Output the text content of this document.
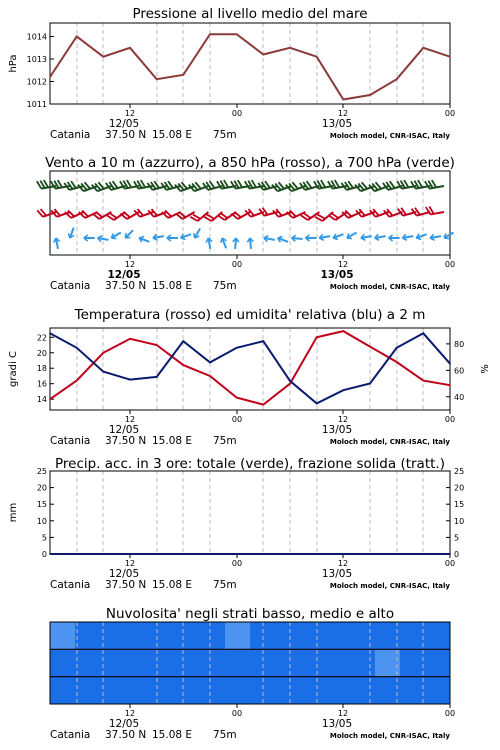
Pressione al livello medio del mare
12	00	12	00
12/05	13/05
Catania 37.50 N 15.08 E 75m	Moloch model, CNR-ISAC, Italy
1011
1012
1013
1014
hPa
Vento a 10 m (azzurro), a 850 hPa (rosso), a 700 hPa (verde)
12	00	12	00
12/05	13/05
Catania 37.50 N 15.08 E 75m	Moloch model, CNR-ISAC, Italy
Temperatura (rosso) ed umidita' relativa (blu) a 2 m
12	00	12	00
12/05	13/05
Catania 37.50 N 15.08 E 75m	Moloch model, CNR-ISAC, Italy
14
16
18
20
22
40
60
80
gradi C	%
Precip. acc. in 3 ore: totale (verde), frazione solida (tratt.)
12	00	12	00
12/05	13/05
Catania 37.50 N 15.08 E 75m	Moloch model, CNR-ISAC, Italy
0
5
10
15
20
25
0
5
10
15
20
25
mm
Nuvolosita' negli strati basso, medio e alto
12	00	12	00
12/05	13/05
Catania 37.50 N 15.08 E 75m	Moloch model, CNR-ISAC, Italy
